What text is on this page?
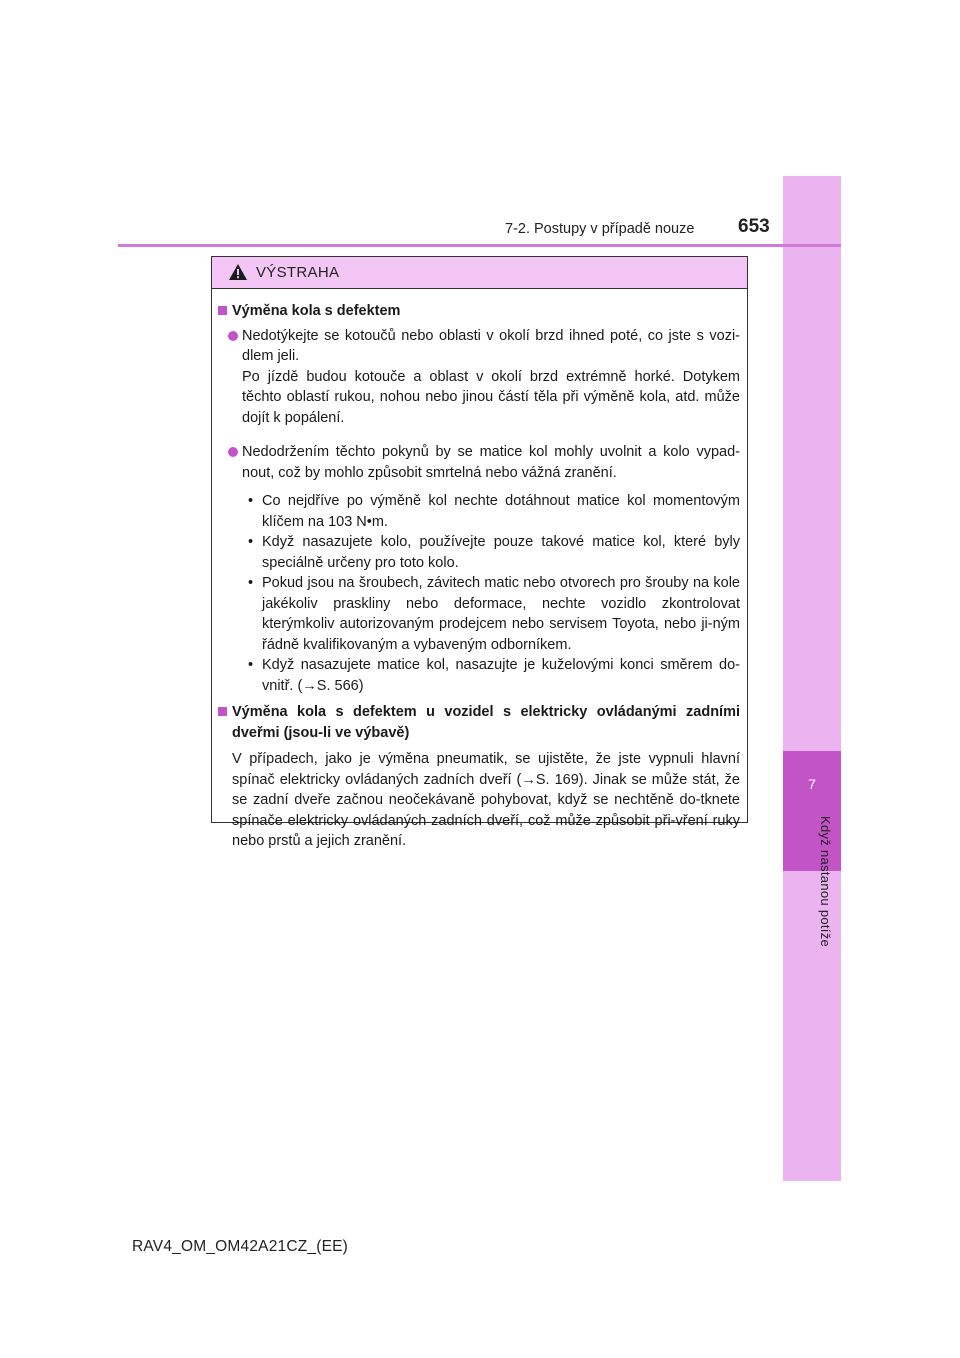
7
Když nastanou potíže
7-2. Postupy v případě nouze 653
VÝSTRAHA
Výměna kola s defektem

Nedotýkejte se kotoučů nebo oblasti v okolí brzd ihned poté, co jste s vozi-dlem jeli.

Po jízdě budou kotouče a oblast v okolí brzd extrémně horké. Dotykem těchto oblastí rukou, nohou nebo jinou částí těla při výměně kola, atd. může dojít k popálení.

Nedodržením těchto pokynů by se matice kol mohly uvolnit a kolo vypad-nout, což by mohlo způsobit smrtelná nebo vážná zranění.

• Co nejdříve po výměně kol nechte dotáhnout matice kol momentovým klíčem na 103 N•m.
• Když nasazujete kolo, používejte pouze takové matice kol, které byly speciálně určeny pro toto kolo.
• Pokud jsou na šroubech, závitech matic nebo otvorech pro šrouby na kole jakékoliv praskliny nebo deformace, nechte vozidlo zkontrolovat kterýmkoliv autorizovaným prodejcem nebo servisem Toyota, nebo ji-ným řádně kvalifikovaným a vybaveným odborníkem.
• Když nasazujete matice kol, nasazujte je kuželovými konci směrem do-vnitř. (→S. 566)
Výměna kola s defektem u vozidel s elektricky ovládanými zadními dveřmi (jsou-li ve výbavě)
V případech, jako je výměna pneumatik, se ujistěte, že jste vypnuli hlavní spínač elektricky ovládaných zadních dveří (→S. 169). Jinak se může stát, že se zadní dveře začnou neočekávaně pohybovat, když se nechtěně do-tknete spínače elektricky ovládaných zadních dveří, což může způsobit při-vření ruky nebo prstů a jejich zranění.
RAV4_OM_OM42A21CZ_(EE)
